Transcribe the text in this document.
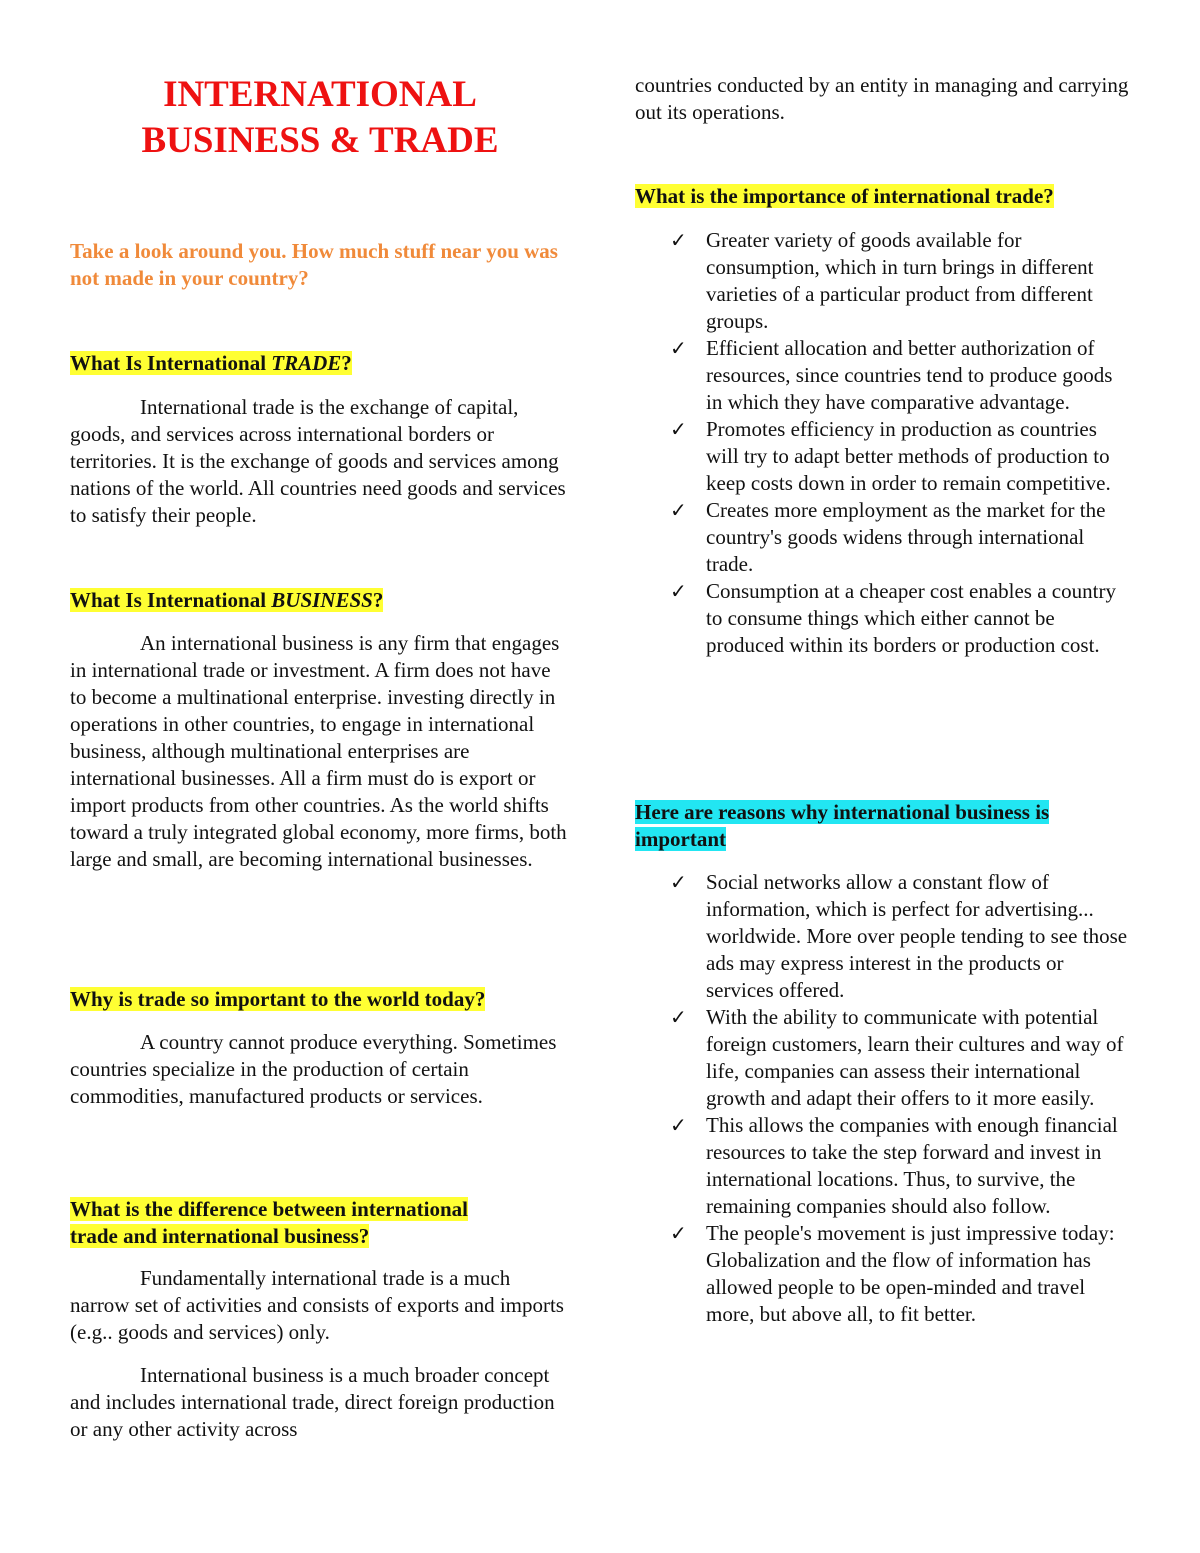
INTERNATIONAL
BUSINESS & TRADE
Take a look around you. How much stuff near you was not made in your country?
What Is International TRADE?
International trade is the exchange of capital, goods, and services across international borders or territories. It is the exchange of goods and services among nations of the world. All countries need goods and services to satisfy their people.
What Is International BUSINESS?
An international business is any firm that engages in international trade or investment. A firm does not have to become a multinational enterprise. investing directly in operations in other countries, to engage in international business, although multinational enterprises are international businesses. All a firm must do is export or import products from other countries. As the world shifts toward a truly integrated global economy, more firms, both large and small, are becoming international businesses.
Why is trade so important to the world today?
A country cannot produce everything. Sometimes countries specialize in the production of certain commodities, manufactured products or services.
What is the difference between international
trade and international business?
Fundamentally international trade is a much narrow set of activities and consists of exports and imports (e.g.. goods and services) only.
International business is a much broader concept and includes international trade, direct foreign production or any other activity across
countries conducted by an entity in managing and carrying out its operations.
What is the importance of international trade?
✓ Greater variety of goods available for consumption, which in turn brings in different varieties of a particular product from different groups.
✓ Efficient allocation and better authorization of resources, since countries tend to produce goods in which they have comparative advantage.
✓ Promotes efficiency in production as countries will try to adapt better methods of production to keep costs down in order to remain competitive.
✓ Creates more employment as the market for the country's goods widens through international trade.
✓ Consumption at a cheaper cost enables a country to consume things which either cannot be produced within its borders or production cost.
Here are reasons why international business is
important
✓ Social networks allow a constant flow of information, which is perfect for advertising... worldwide. More over people tending to see those ads may express interest in the products or services offered.
✓ With the ability to communicate with potential foreign customers, learn their cultures and way of life, companies can assess their international growth and adapt their offers to it more easily.
✓ This allows the companies with enough financial resources to take the step forward and invest in international locations. Thus, to survive, the remaining companies should also follow.
✓ The people's movement is just impressive today: Globalization and the flow of information has allowed people to be open-minded and travel more, but above all, to fit better.
